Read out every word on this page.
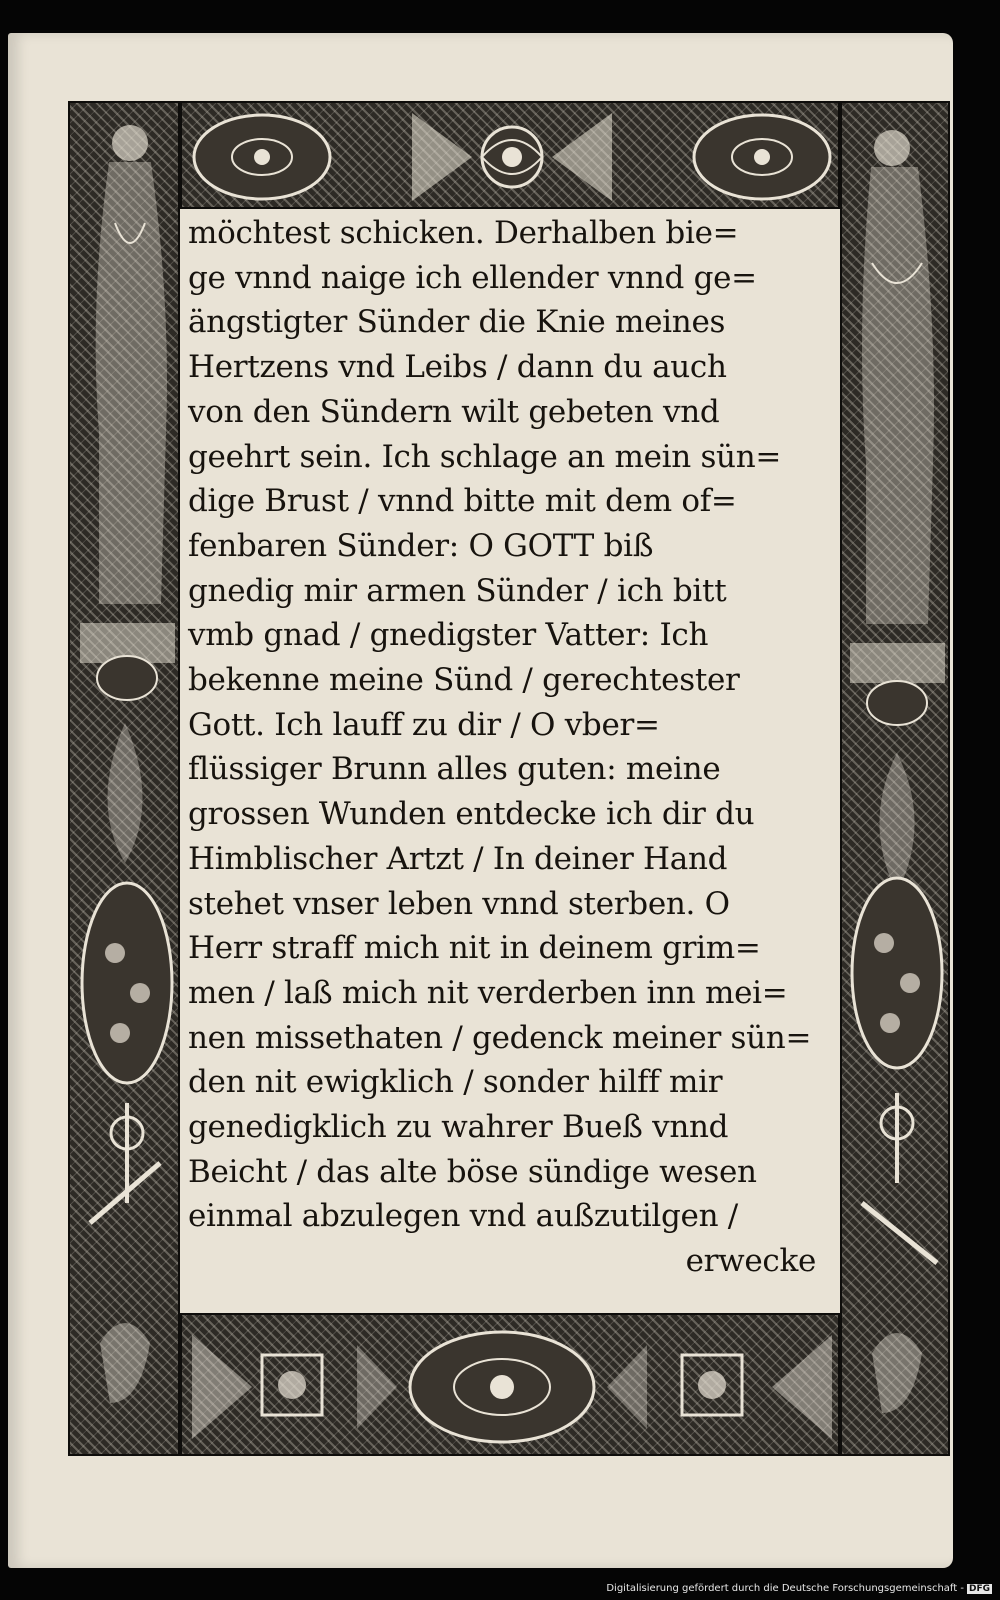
möchtest schicken. Derhalben bie=
ge vnnd naige ich ellender vnnd ge=
ängstigter Sünder die Knie meines
Hertzens vnd Leibs / dann du auch
von den Sündern wilt gebeten vnd
geehrt sein. Ich schlage an mein sün=
dige Brust / vnnd bitte mit dem of=
fenbaren Sünder: O GOTT biß
gnedig mir armen Sünder / ich bitt
vmb gnad / gnedigster Vatter: Ich
bekenne meine Sünd / gerechtester
Gott. Ich lauff zu dir / O vber=
flüssiger Brunn alles guten: meine
grossen Wunden entdecke ich dir du
Himblischer Artzt / In deiner Hand
stehet vnser leben vnnd sterben. O
Herr straff mich nit in deinem grim=
men / laß mich nit verderben inn mei=
nen missethaten / gedenck meiner sün=
den nit ewigklich / sonder hilff mir
genedigklich zu wahrer Bueß vnnd
Beicht / das alte böse sündige wesen
einmal abzulegen vnd außzutilgen /
erwecke
Digitalisierung gefördert durch die Deutsche Forschungsgemeinschaft - DFG
